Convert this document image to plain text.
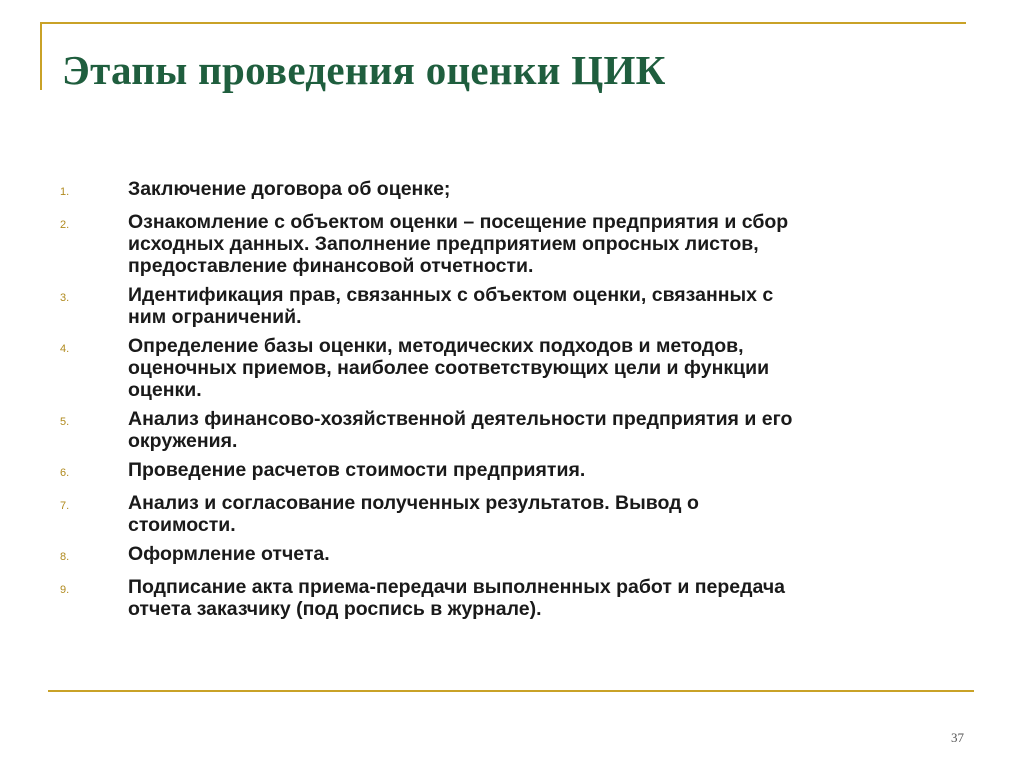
Этапы проведения оценки ЦИК
1.	Заключение договора об оценке;
2.	Ознакомление с объектом оценки – посещение предприятия и сбор
исходных данных. Заполнение предприятием опросных листов,
предоставление финансовой отчетности.
3.	Идентификация прав, связанных с объектом оценки, связанных с
ним ограничений.
4.	Определение базы оценки, методических подходов и методов,
оценочных приемов, наиболее соответствующих цели и функции
оценки.
5.	Анализ финансово-хозяйственной деятельности предприятия и его
окружения.
6.	Проведение расчетов стоимости предприятия.
7.	Анализ и согласование полученных результатов. Вывод о
стоимости.
8.	Оформление отчета.
9.	Подписание акта приема-передачи выполненных работ и передача
отчета заказчику (под роспись в журнале).
37
